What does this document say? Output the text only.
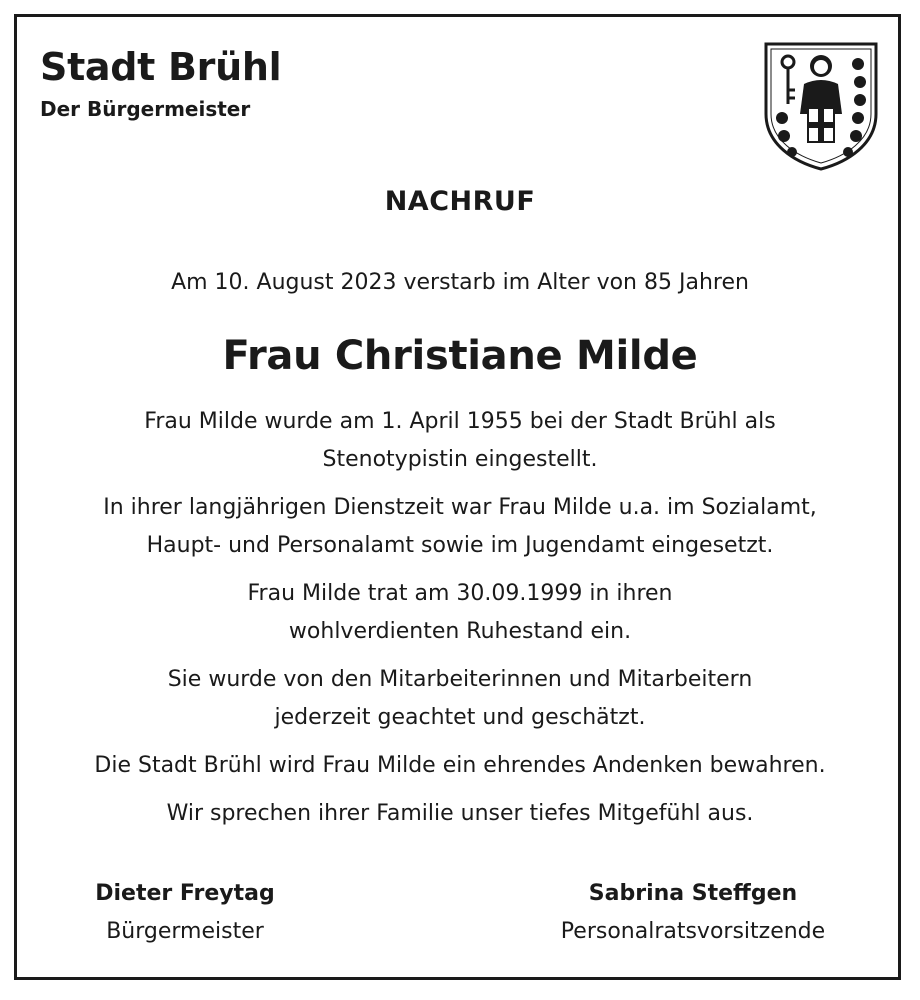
Stadt Brühl
Der Bürgermeister
NACHRUF
Am 10. August 2023 verstarb im Alter von 85 Jahren
Frau Christiane Milde
Frau Milde wurde am 1. April 1955 bei der Stadt Brühl als
Stenotypistin eingestellt.
In ihrer langjährigen Dienstzeit war Frau Milde u.a. im Sozialamt,
Haupt- und Personalamt sowie im Jugendamt eingesetzt.
Frau Milde trat am 30.09.1999 in ihren
wohlverdienten Ruhestand ein.
Sie wurde von den Mitarbeiterinnen und Mitarbeitern
jederzeit geachtet und geschätzt.
Die Stadt Brühl wird Frau Milde ein ehrendes Andenken bewahren.
Wir sprechen ihrer Familie unser tiefes Mitgefühl aus.
Dieter Freytag
Bürgermeister
Sabrina Steffgen
Personalratsvorsitzende
